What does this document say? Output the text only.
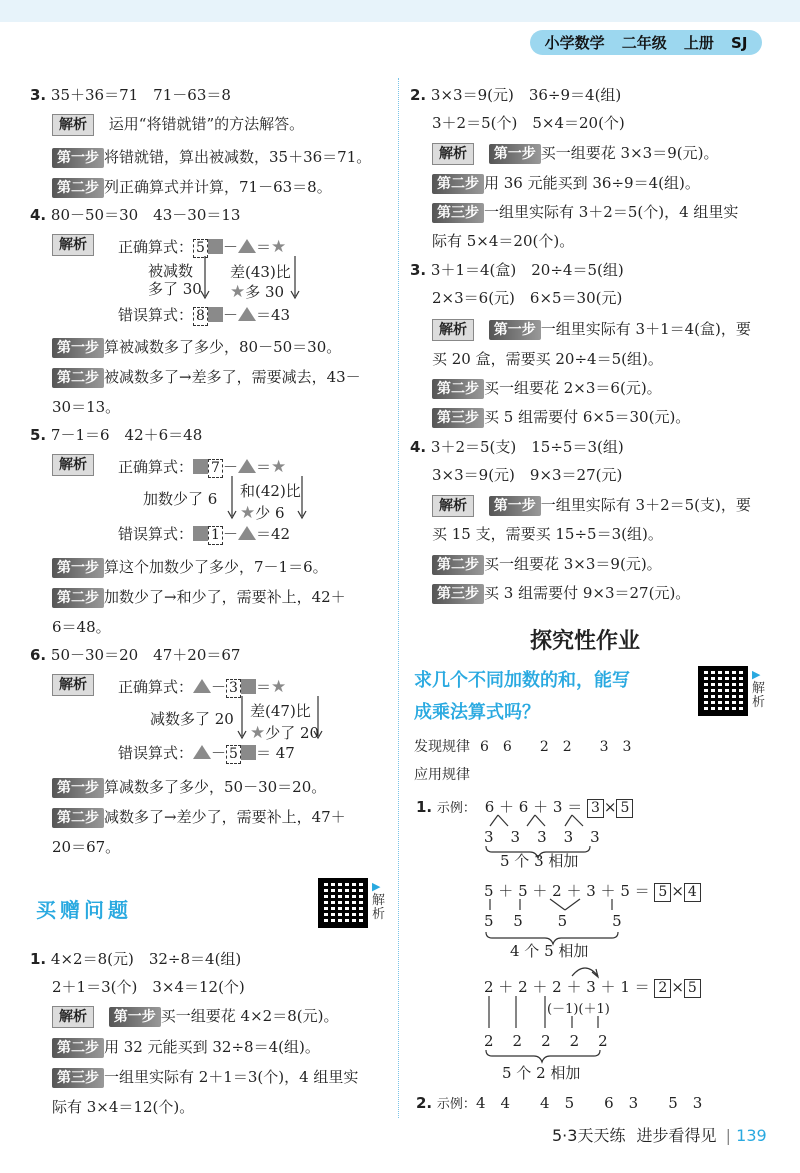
小学数学 二年级 上册 SJ
3. 35＋36＝71　71－63＝8
解析 运用“将错就错”的方法解答。
第一步 将错就错，算出被减数，35＋36＝71。
第二步 列正确算式并计算，71－63＝8。
4. 80－50＝30　43－30＝13
解析	正确算式： 5 － ＝★
被减数
多了 30
差(43)比
★多 30
错误算式： 8 － ＝43
第一步 算被减数多了多少，80－50＝30。
第二步 被减数多了→差多了，需要减去，43－
30＝13。
5. 7－1＝6　42＋6＝48
解析	正确算式： 7 － ＝★
加数少了 6 和(42)比
★少 6
错误算式： 1 － ＝42
第一步 算这个加数少了多少，7－1＝6。
第二步 加数少了→和少了，需要补上，42＋
6＝48。
6. 50－30＝20　47＋20＝67
解析	正确算式： － 3 ＝★
减数多了 20 差(47)比
★少了 20
错误算式： － 5 ＝ 47
第一步 算减数多了多少，50－30＝20。
第二步 减数多了→差少了，需要补上，47＋
20＝67。
买赠问题
▶
解析
1. 4×2＝8(元)　32÷8＝4(组)
2＋1＝3(个)　3×4＝12(个)
解析 第一步 买一组要花 4×2＝8(元)。
第二步 用 32 元能买到 32÷8＝4(组)。
第三步 一组里实际有 2＋1＝3(个)，4 组里实
际有 3×4＝12(个)。
2. 3×3＝9(元)　36÷9＝4(组)
3＋2＝5(个)　5×4＝20(个)
解析 第一步 买一组要花 3×3＝9(元)。
第二步 用 36 元能买到 36÷9＝4(组)。
第三步 一组里实际有 3＋2＝5(个)，4 组里实
际有 5×4＝20(个)。
3. 3＋1＝4(盒)　20÷4＝5(组)
2×3＝6(元)　6×5＝30(元)
解析 第一步 一组里实际有 3＋1＝4(盒)，要
买 20 盒，需要买 20÷4＝5(组)。
第二步 买一组要花 2×3＝6(元)。
第三步 买 5 组需要付 6×5＝30(元)。
4. 3＋2＝5(支)　15÷5＝3(组)
3×3＝9(元)　9×3＝27(元)
解析 第一步 一组里实际有 3＋2＝5(支)，要
买 15 支，需要买 15÷5＝3(组)。
第二步 买一组要花 3×3＝9(元)。
第三步 买 3 组需要付 9×3＝27(元)。
探究性作业
求几个不同加数的和，能写
成乘法算式吗？
▶
解析
发现规律 6　6　　2　2　　3　3
应用规律
1. 示例： 6 ＋ 6 ＋ 3 ＝ 3 × 5
3　3　3　3　3
5 个 3 相加
5 ＋ 5 ＋ 2 ＋ 3 ＋ 5 ＝ 5 × 4
5　 5 　　5　　　5
4 个 5 相加
2 ＋ 2 ＋ 2 ＋ 3 ＋ 1 ＝ 2 × 5
(－1)(＋1)
2　2　2　2　2
5 个 2 相加
2. 示例：4　4　　4　5　　6　3　　5　3
5·3天天练 进步看得见 | 139
